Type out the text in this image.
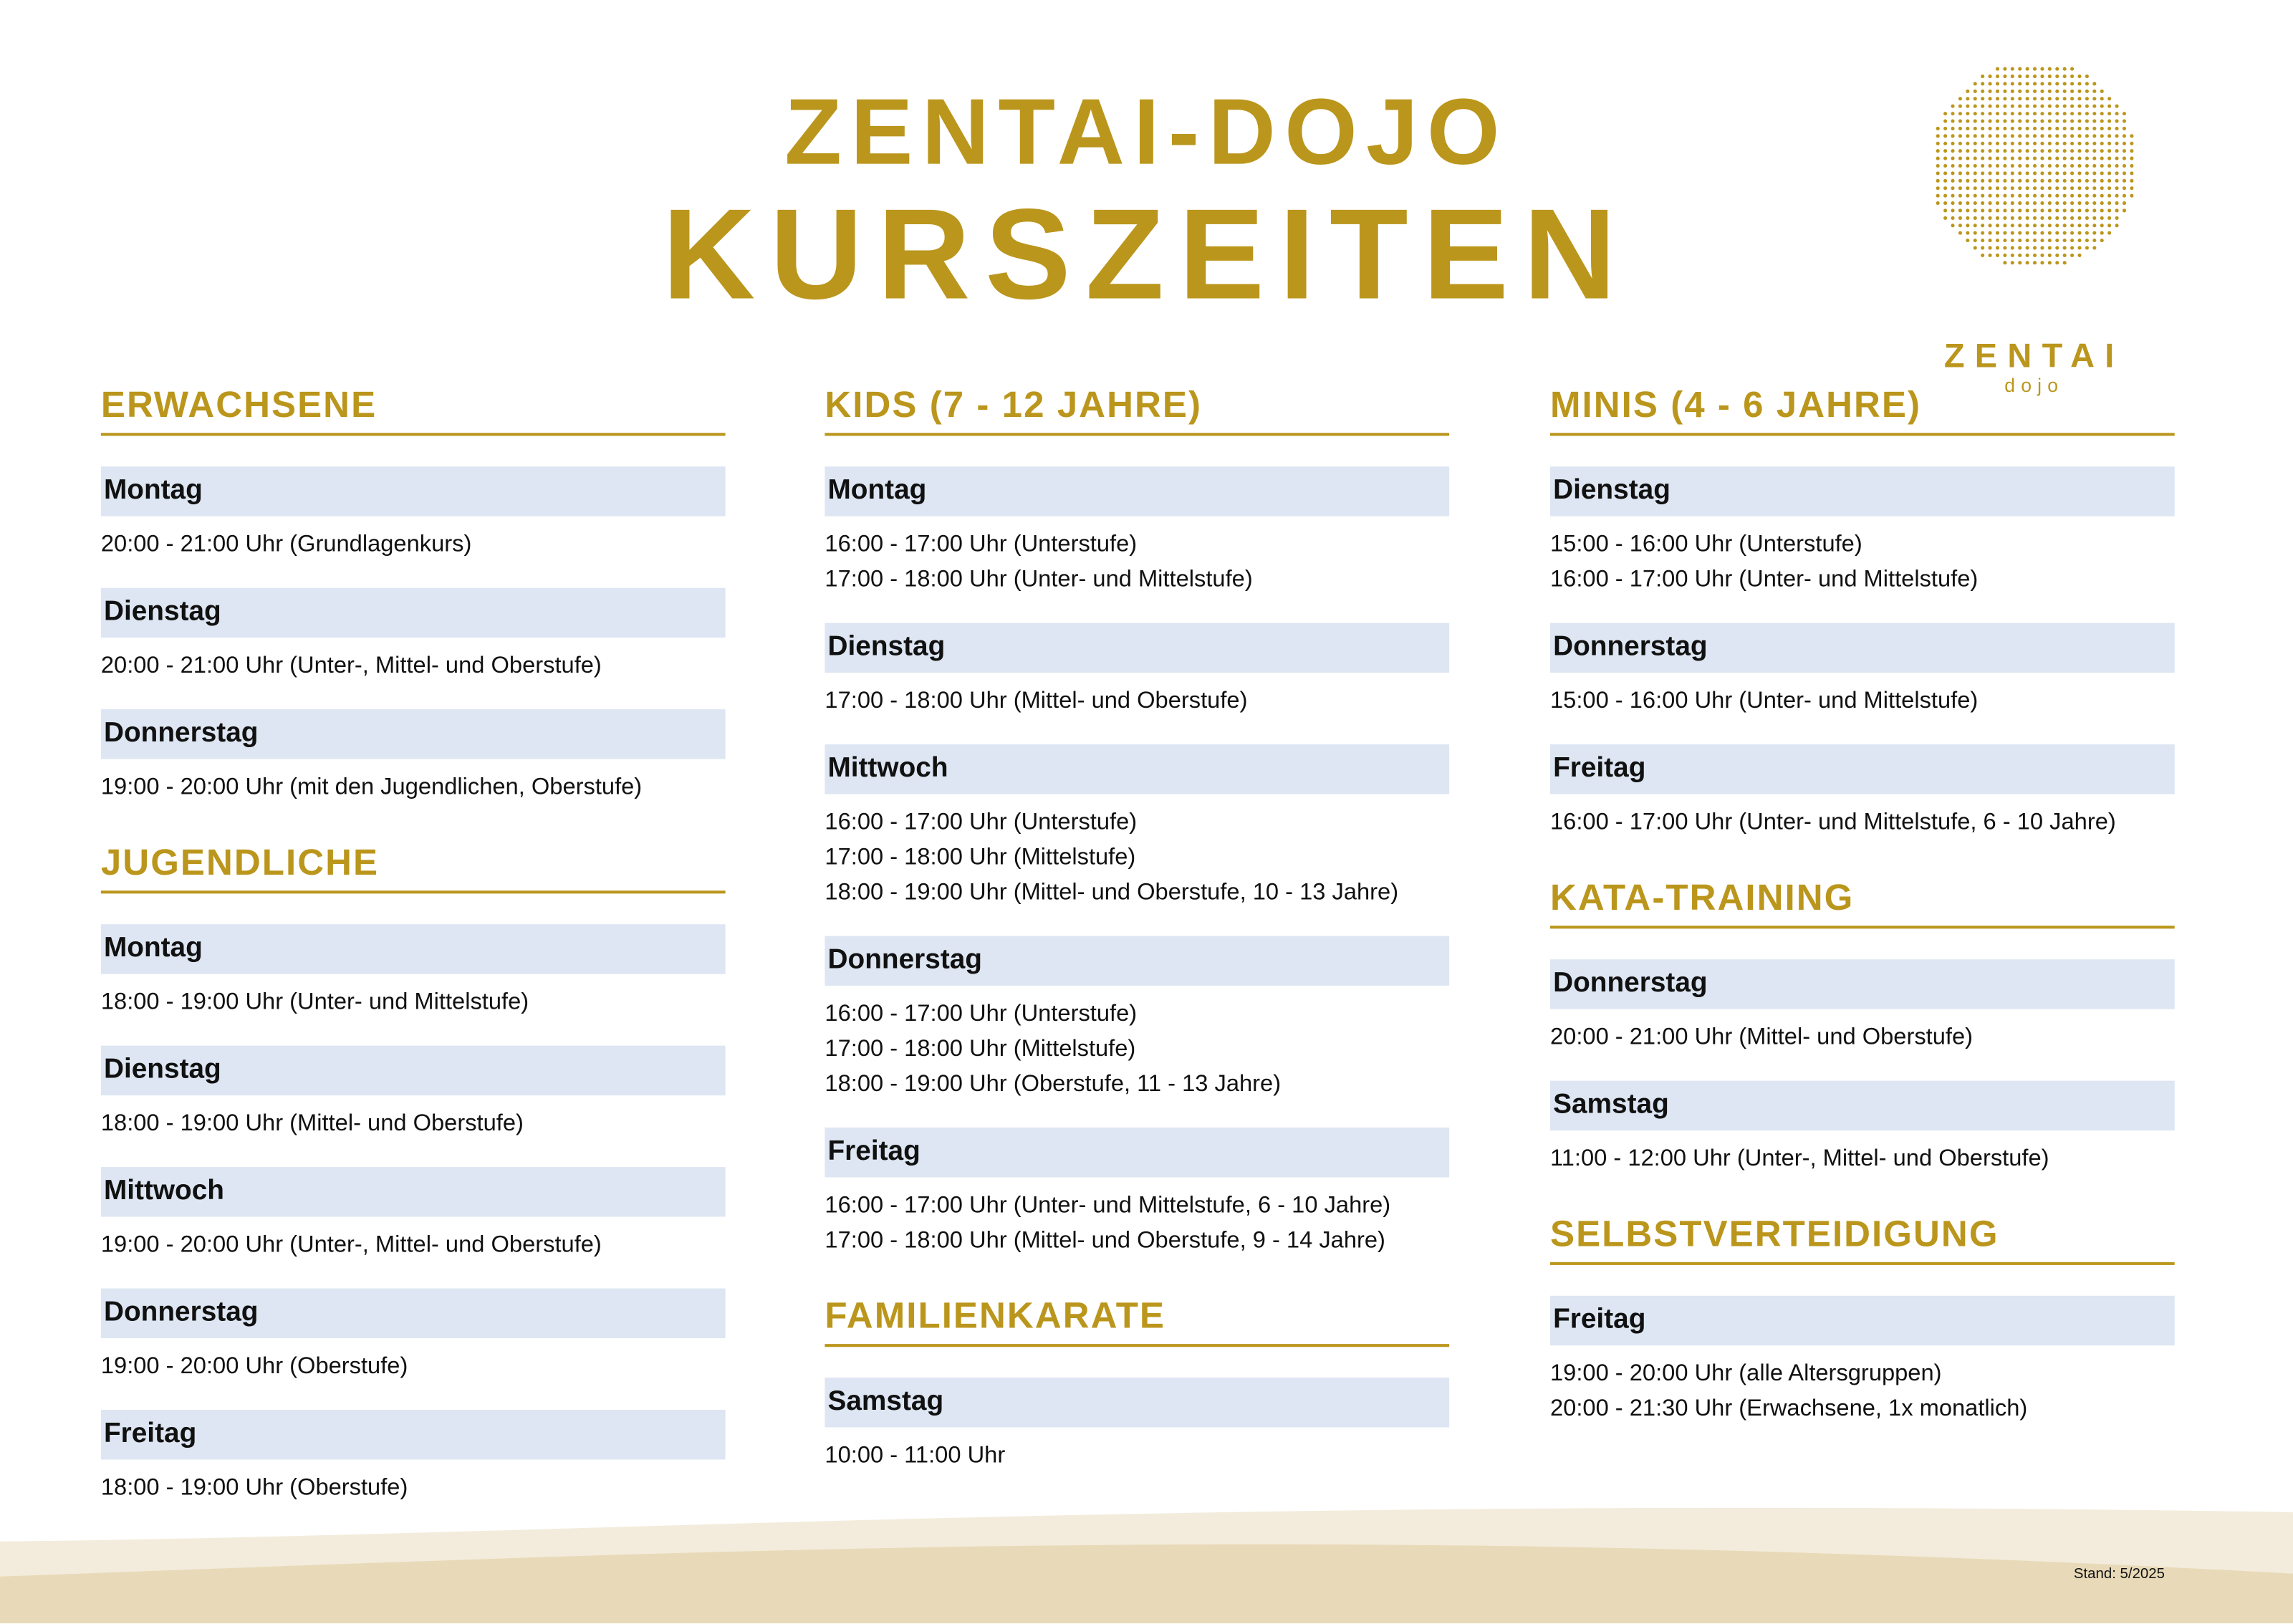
ZENTAI-DOJO
KURSZEITEN
ZENTAI
dojo
ERWACHSENE
Montag
20:00 - 21:00 Uhr (Grundlagenkurs)
Dienstag
20:00 - 21:00 Uhr (Unter-, Mittel- und Oberstufe)
Donnerstag
19:00 - 20:00 Uhr (mit den Jugendlichen, Oberstufe)
JUGENDLICHE
Montag
18:00 - 19:00 Uhr (Unter- und Mittelstufe)
Dienstag
18:00 - 19:00 Uhr (Mittel- und Oberstufe)
Mittwoch
19:00 - 20:00 Uhr (Unter-, Mittel- und Oberstufe)
Donnerstag
19:00 - 20:00 Uhr (Oberstufe)
Freitag
18:00 - 19:00 Uhr (Oberstufe)
KIDS (7 - 12 JAHRE)
Montag
16:00 - 17:00 Uhr (Unterstufe)
17:00 - 18:00 Uhr (Unter- und Mittelstufe)
Dienstag
17:00 - 18:00 Uhr (Mittel- und Oberstufe)
Mittwoch
16:00 - 17:00 Uhr (Unterstufe)
17:00 - 18:00 Uhr (Mittelstufe)
18:00 - 19:00 Uhr (Mittel- und Oberstufe, 10 - 13 Jahre)
Donnerstag
16:00 - 17:00 Uhr (Unterstufe)
17:00 - 18:00 Uhr (Mittelstufe)
18:00 - 19:00 Uhr (Oberstufe, 11 - 13 Jahre)
Freitag
16:00 - 17:00 Uhr (Unter- und Mittelstufe, 6 - 10 Jahre)
17:00 - 18:00 Uhr (Mittel- und Oberstufe, 9 - 14 Jahre)
FAMILIENKARATE
Samstag
10:00 - 11:00 Uhr
MINIS (4 - 6 JAHRE)
Dienstag
15:00 - 16:00 Uhr (Unterstufe)
16:00 - 17:00 Uhr (Unter- und Mittelstufe)
Donnerstag
15:00 - 16:00 Uhr (Unter- und Mittelstufe)
Freitag
16:00 - 17:00 Uhr (Unter- und Mittelstufe, 6 - 10 Jahre)
KATA-TRAINING
Donnerstag
20:00 - 21:00 Uhr (Mittel- und Oberstufe)
Samstag
11:00 - 12:00 Uhr (Unter-, Mittel- und Oberstufe)
SELBSTVERTEIDIGUNG
Freitag
19:00 - 20:00 Uhr (alle Altersgruppen)
20:00 - 21:30 Uhr (Erwachsene, 1x monatlich)
Stand: 5/2025
